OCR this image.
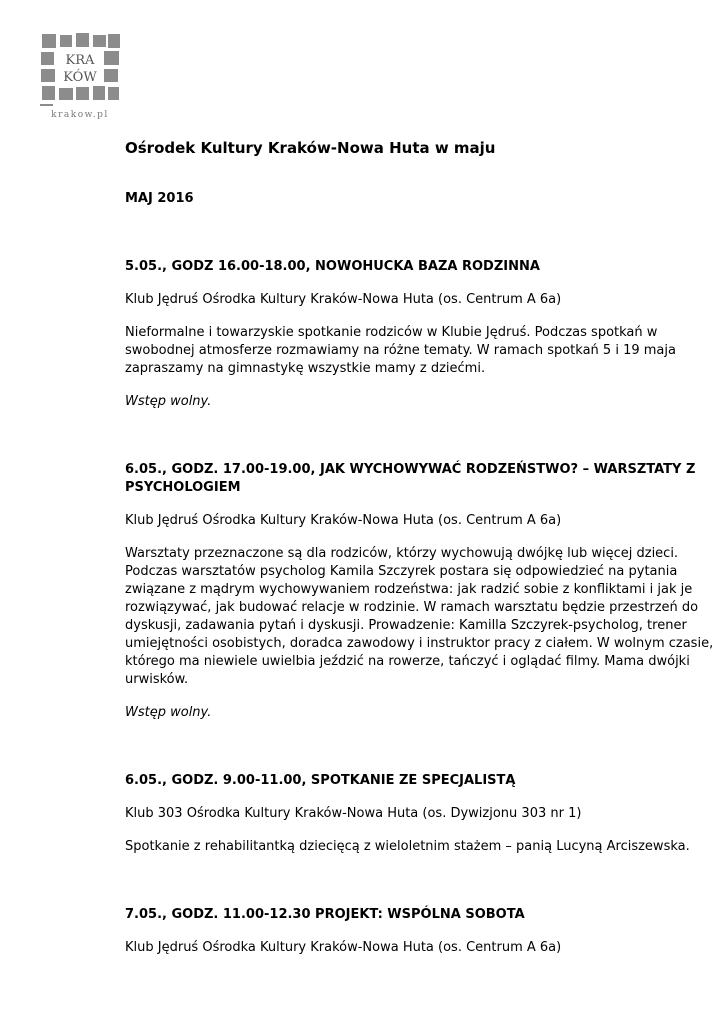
KRA
KÓW
krakow.pl
Ośrodek Kultury Kraków-Nowa Huta w maju

MAJ 2016

5.05., GODZ 16.00-18.00, NOWOHUCKA BAZA RODZINNA

Klub Jędruś Ośrodka Kultury Kraków-Nowa Huta (os. Centrum A 6a)

Nieformalne i towarzyskie spotkanie rodziców w Klubie Jędruś. Podczas spotkań w swobodnej atmosferze rozmawiamy na różne tematy. W ramach spotkań 5 i 19 maja zapraszamy na gimnastykę wszystkie mamy z dziećmi.

Wstęp wolny.

6.05., GODZ. 17.00-19.00, JAK WYCHOWYWAĆ RODZEŃSTWO? – WARSZTATY Z PSYCHOLOGIEM

Klub Jędruś Ośrodka Kultury Kraków-Nowa Huta (os. Centrum A 6a)

Warsztaty przeznaczone są dla rodziców, którzy wychowują dwójkę lub więcej dzieci. Podczas warsztatów psycholog Kamila Szczyrek postara się odpowiedzieć na pytania związane z mądrym wychowywaniem rodzeństwa: jak radzić sobie z konfliktami i jak je rozwiązywać, jak budować relacje w rodzinie. W ramach warsztatu będzie przestrzeń do dyskusji, zadawania pytań i dyskusji. Prowadzenie: Kamilla Szczyrek-psycholog, trener umiejętności osobistych, doradca zawodowy i instruktor pracy z ciałem. W wolnym czasie, którego ma niewiele uwielbia jeździć na rowerze, tańczyć i oglądać filmy. Mama dwójki urwisków.

Wstęp wolny.

6.05., GODZ. 9.00-11.00, SPOTKANIE ZE SPECJALISTĄ

Klub 303 Ośrodka Kultury Kraków-Nowa Huta (os. Dywizjonu 303 nr 1)

Spotkanie z rehabilitantką dziecięcą z wieloletnim stażem – panią Lucyną Arciszewska.

7.05., GODZ. 11.00-12.30 PROJEKT: WSPÓLNA SOBOTA

Klub Jędruś Ośrodka Kultury Kraków-Nowa Huta (os. Centrum A 6a)
